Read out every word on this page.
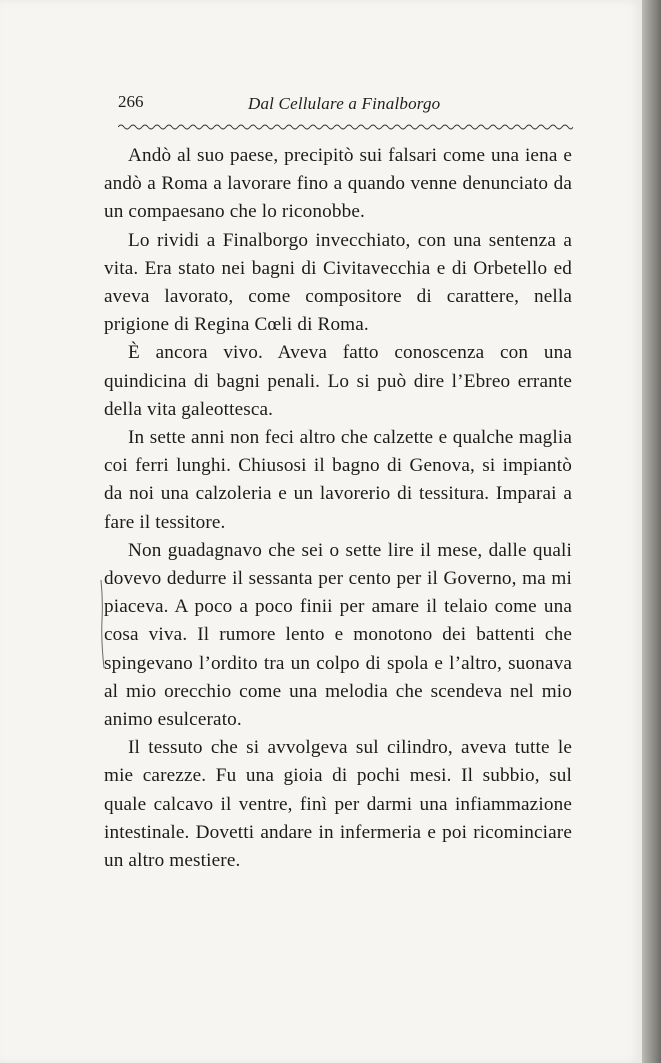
266	Dal Cellulare a Finalborgo

Andò al suo paese, precipitò sui falsari come una iena e andò a Roma a lavorare fino a quando venne denunciato da un compaesano che lo riconobbe.

Lo rividi a Finalborgo invecchiato, con una sentenza a vita. Era stato nei bagni di Civitavecchia e di Orbetello ed aveva lavorato, come compositore di carattere, nella prigione di Regina Cœli di Roma.

È ancora vivo. Aveva fatto conoscenza con una quindicina di bagni penali. Lo si può dire l’Ebreo errante della vita galeottesca.

In sette anni non feci altro che calzette e qualche maglia coi ferri lunghi. Chiusosi il bagno di Genova, si impiantò da noi una calzoleria e un lavorerio di tessitura. Imparai a fare il tessitore.

Non guadagnavo che sei o sette lire il mese, dalle quali dovevo dedurre il sessanta per cento per il Governo, ma mi piaceva. A poco a poco finii per amare il telaio come una cosa viva. Il rumore lento e monotono dei battenti che spingevano l’ordito tra un colpo di spola e l’altro, suonava al mio orecchio come una melodia che scendeva nel mio animo esulcerato.

Il tessuto che si avvolgeva sul cilindro, aveva tutte le mie carezze. Fu una gioia di pochi mesi. Il subbio, sul quale calcavo il ventre, finì per darmi una infiammazione intestinale. Dovetti andare in infermeria e poi ricominciare un altro mestiere.
